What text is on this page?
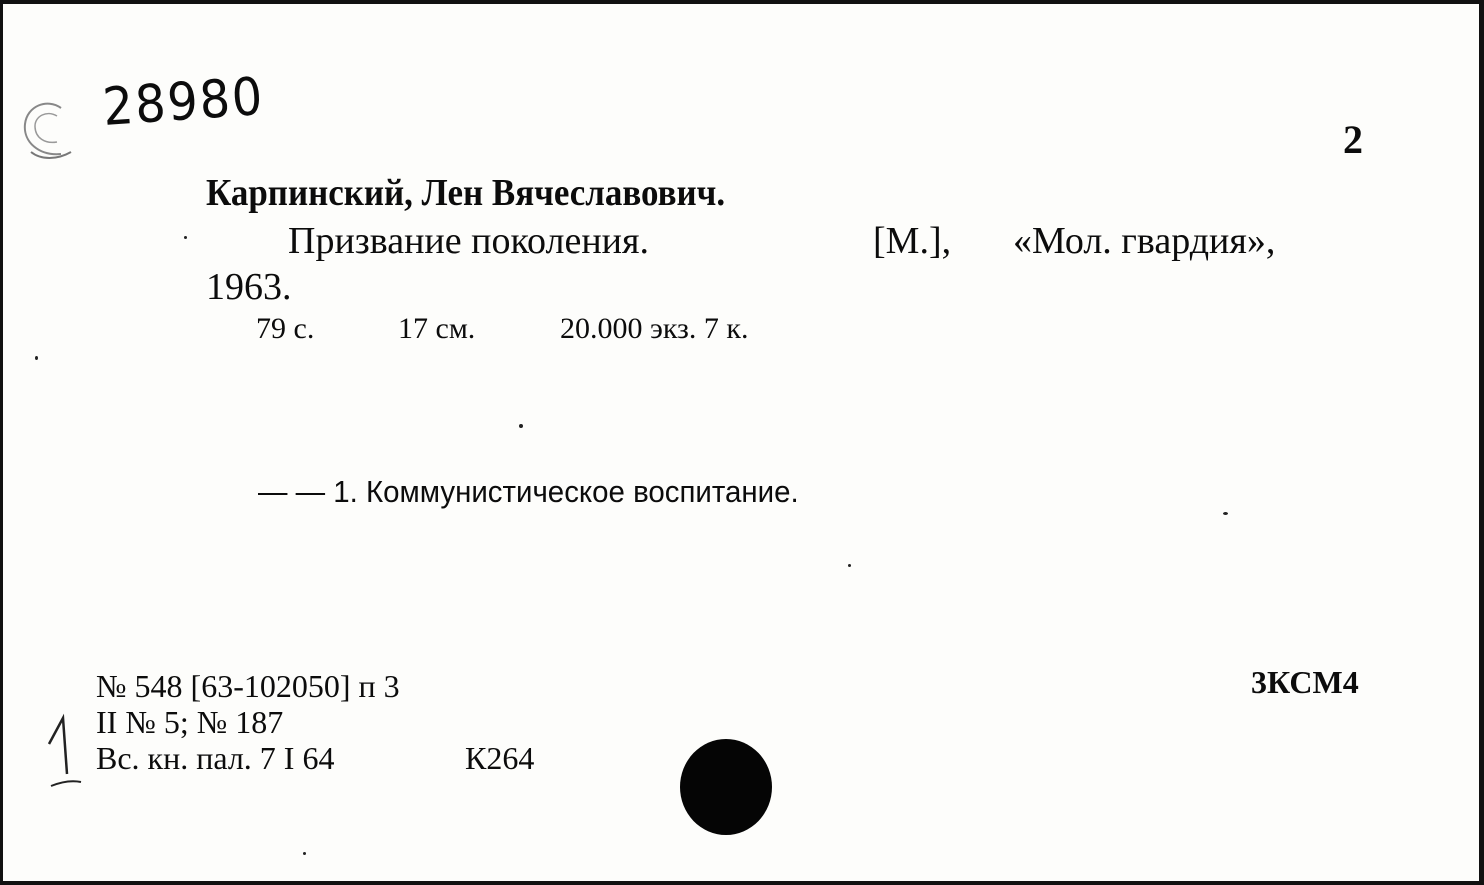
28980
2
Карпинский, Лен Вячеславович.
Призвание поколения.	[М.], «Мол. гвардия»,
1963.
79 с.	17 см.	20.000 экз. 7 к.
— — 1. Коммунистическое воспитание.
№ 548 [63-102050] п 3
II № 5; № 187
Вс. кн. пал. 7 I 64	К264
3КСМ4
